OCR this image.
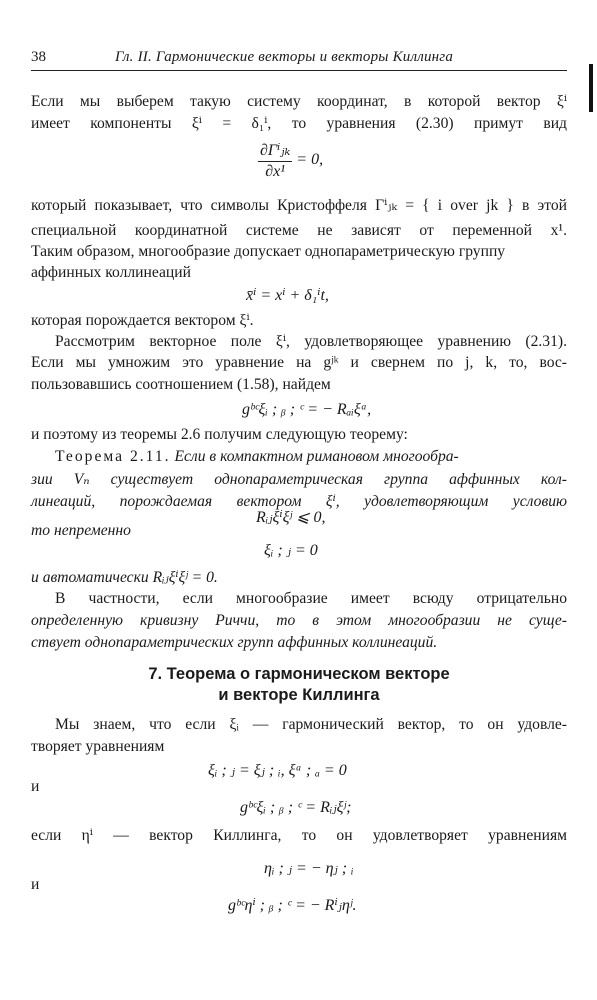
38	Гл. II. Гармонические векторы и векторы Киллинга
Если мы выберем такую систему координат, в которой вектор ξⁱ
имеет компоненты ξⁱ = δ₁ⁱ, то уравнения (2.30) примут вид
$\frac{\text{∂Γⁱⱼₖ}}{\text{∂x¹}} = 0$,
который показывает, что символы Кристоффеля Γⁱⱼₖ = { i over jk } в этой
специальной координатной системе не зависят от переменной x¹.
Таким образом, многообразие допускает однопараметрическую группу
аффинных коллинеаций
x̄ⁱ = xⁱ + δ₁ⁱt,
которая порождается вектором ξⁱ.
Рассмотрим векторное поле ξⁱ, удовлетворяющее уравнению (2.31).
Если мы умножим это уравнение на gʲᵏ и свернем по j, k, то, вос-
пользовавшись соотношением (1.58), найдем
gᵇᶜξᵢ ; ᵦ ; ᶜ = − Rₐᵢξᵃ,
и поэтому из теоремы 2.6 получим следующую теорему:
Теорема 2.11. Если в компактном римановом многообра-
зии Vₙ существует однопараметрическая группа аффинных кол-
линеаций, порождаемая вектором ξⁱ, удовлетворяющим условию
Rᵢⱼξⁱξʲ ⩽ 0,
то непременно
ξᵢ ; ⱼ = 0
и автоматически Rᵢⱼξⁱξʲ = 0.
В частности, если многообразие имеет всюду отрицательно
определенную кривизну Риччи, то в этом многообразии не суще-
ствует однопараметрических групп аффинных коллинеаций.
7. Теорема о гармоническом векторе
и векторе Киллинга
Мы знаем, что если ξᵢ — гармонический вектор, то он удовле-
творяет уравнениям
ξᵢ ; ⱼ = ξⱼ ; ᵢ, ξᵃ ; ₐ = 0
и
gᵇᶜξᵢ ; ᵦ ; ᶜ = Rᵢⱼξʲ;
если ηⁱ — вектор Киллинга, то он удовлетворяет уравнениям
ηᵢ ; ⱼ = − ηⱼ ; ᵢ
и
gᵇᶜηⁱ ; ᵦ ; ᶜ = − Rⁱⱼηʲ.
